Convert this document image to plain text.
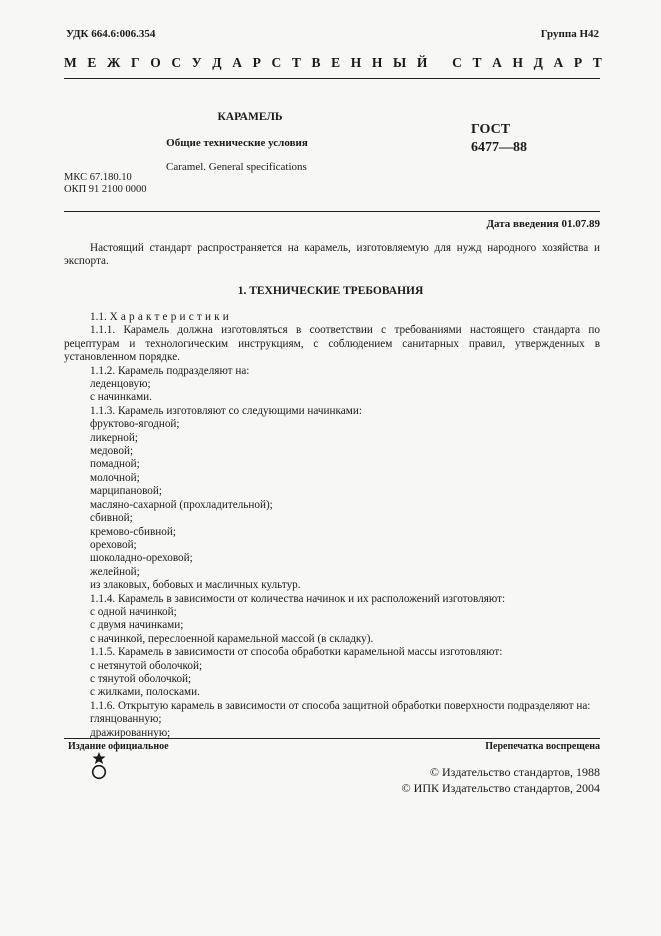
УДК 664.6:006.354	Группа Н42
М Е Ж Г О С У Д А Р С Т В Е Н Н Ы Й
С Т А Н Д А Р Т
КАРАМЕЛЬ
Общие технические условия
ГОСТ
6477—88
Caramel. General specifications
МКС 67.180.10
ОКП 91 2100 0000
Дата введения 01.07.89

Настоящий стандарт распространяется на карамель, изготовляемую для нужд народного хозяйства и экспорта.

1. ТЕХНИЧЕСКИЕ ТРЕБОВАНИЯ

1.1. Характеристики

1.1.1. Карамель должна изготовляться в соответствии с требованиями настоящего стандарта по рецептурам и технологическим инструкциям, с соблюдением санитарных правил, утвержденных в установленном порядке.

1.1.2. Карамель подразделяют на:

леденцовую;
с начинками.

1.1.3. Карамель изготовляют со следующими начинками:

фруктово-ягодной;
ликерной;
медовой;
помадной;
молочной;
марципановой;
масляно-сахарной (прохладительной);
сбивной;
кремово-сбивной;
ореховой;
шоколадно-ореховой;
желейной;
из злаковых, бобовых и масличных культур.

1.1.4. Карамель в зависимости от количества начинок и их расположений изготовляют:

с одной начинкой;
с двумя начинками;
с начинкой, переслоенной карамельной массой (в складку).

1.1.5. Карамель в зависимости от способа обработки карамельной массы изготовляют:

с нетянутой оболочкой;
с тянутой оболочкой;
с жилками, полосками.

1.1.6. Открытую карамель в зависимости от способа защитной обработки поверхности подразделяют на:

глянцованную;
дражированную;
Издание официальное	Перепечатка воспрещена
© Издательство стандартов, 1988
© ИПК Издательство стандартов, 2004
